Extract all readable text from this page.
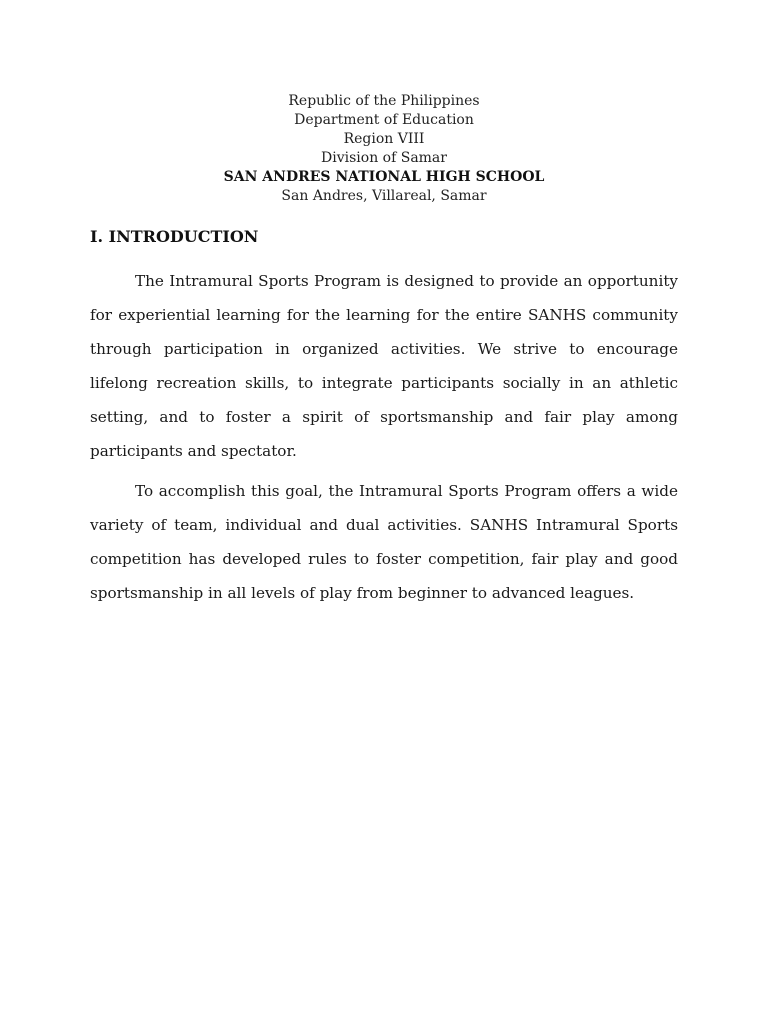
Republic of the Philippines
Department of Education
Region VIII
Division of Samar
SAN ANDRES NATIONAL HIGH SCHOOL
San Andres, Villareal, Samar
I. INTRODUCTION

The Intramural Sports Program is designed to provide an opportunity for experiential learning for the learning for the entire SANHS community through participation in organized activities. We strive to encourage lifelong recreation skills, to integrate participants socially in an athletic setting, and to foster a spirit of sportsmanship and fair play among participants and spectator.

To accomplish this goal, the Intramural Sports Program offers a wide variety of team, individual and dual activities. SANHS Intramural Sports competition has developed rules to foster competition, fair play and good sportsmanship in all levels of play from beginner to advanced leagues.
